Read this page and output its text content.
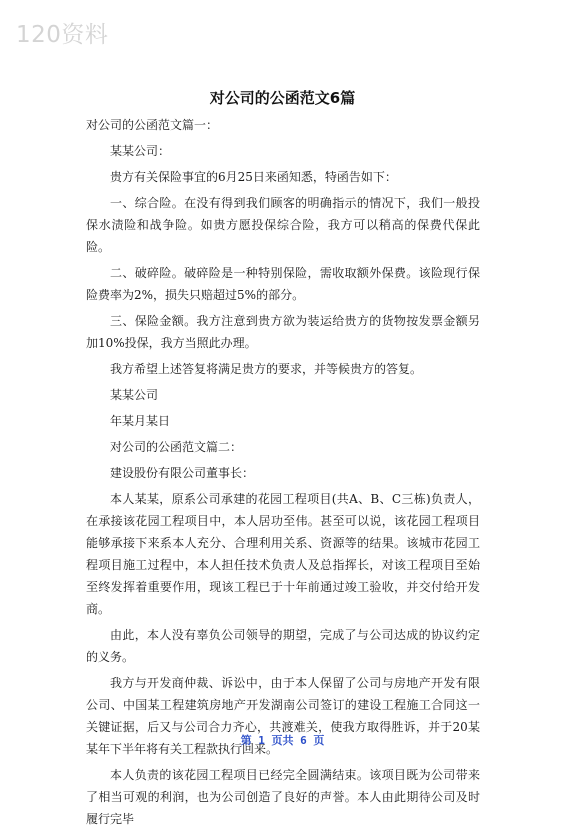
120资料
对公司的公函范文6篇

对公司的公函范文篇一：

某某公司：

贵方有关保险事宜的6月25日来函知悉，特函告如下：

一、综合险。在没有得到我们顾客的明确指示的情况下，我们一般投保水渍险和战争险。如贵方愿投保综合险，我方可以稍高的保费代保此险。

二、破碎险。破碎险是一种特别保险，需收取额外保费。该险现行保险费率为2%，损失只赔超过5%的部分。

三、保险金额。我方注意到贵方欲为装运给贵方的货物按发票金额另加10%投保，我方当照此办理。

我方希望上述答复将满足贵方的要求，并等候贵方的答复。

某某公司

年某月某日

对公司的公函范文篇二：

建设股份有限公司董事长：

本人某某，原系公司承建的花园工程项目(共A、B、C三栋)负责人，在承接该花园工程项目中，本人居功至伟。甚至可以说，该花园工程项目能够承接下来系本人充分、合理利用关系、资源等的结果。该城市花园工程项目施工过程中，本人担任技术负责人及总指挥长，对该工程项目至始至终发挥着重要作用，现该工程已于十年前通过竣工验收，并交付给开发商。

由此，本人没有辜负公司领导的期望，完成了与公司达成的协议约定的义务。

我方与开发商仲裁、诉讼中，由于本人保留了公司与房地产开发有限公司、中国某工程建筑房地产开发湖南公司签订的建设工程施工合同这一关键证据，后又与公司合力齐心，共渡难关，使我方取得胜诉，并于20某某年下半年将有关工程款执行回来。

本人负责的该花园工程项目已经完全圆满结束。该项目既为公司带来了相当可观的利润，也为公司创造了良好的声誉。本人由此期待公司及时履行完毕

第 1 页共 6 页
